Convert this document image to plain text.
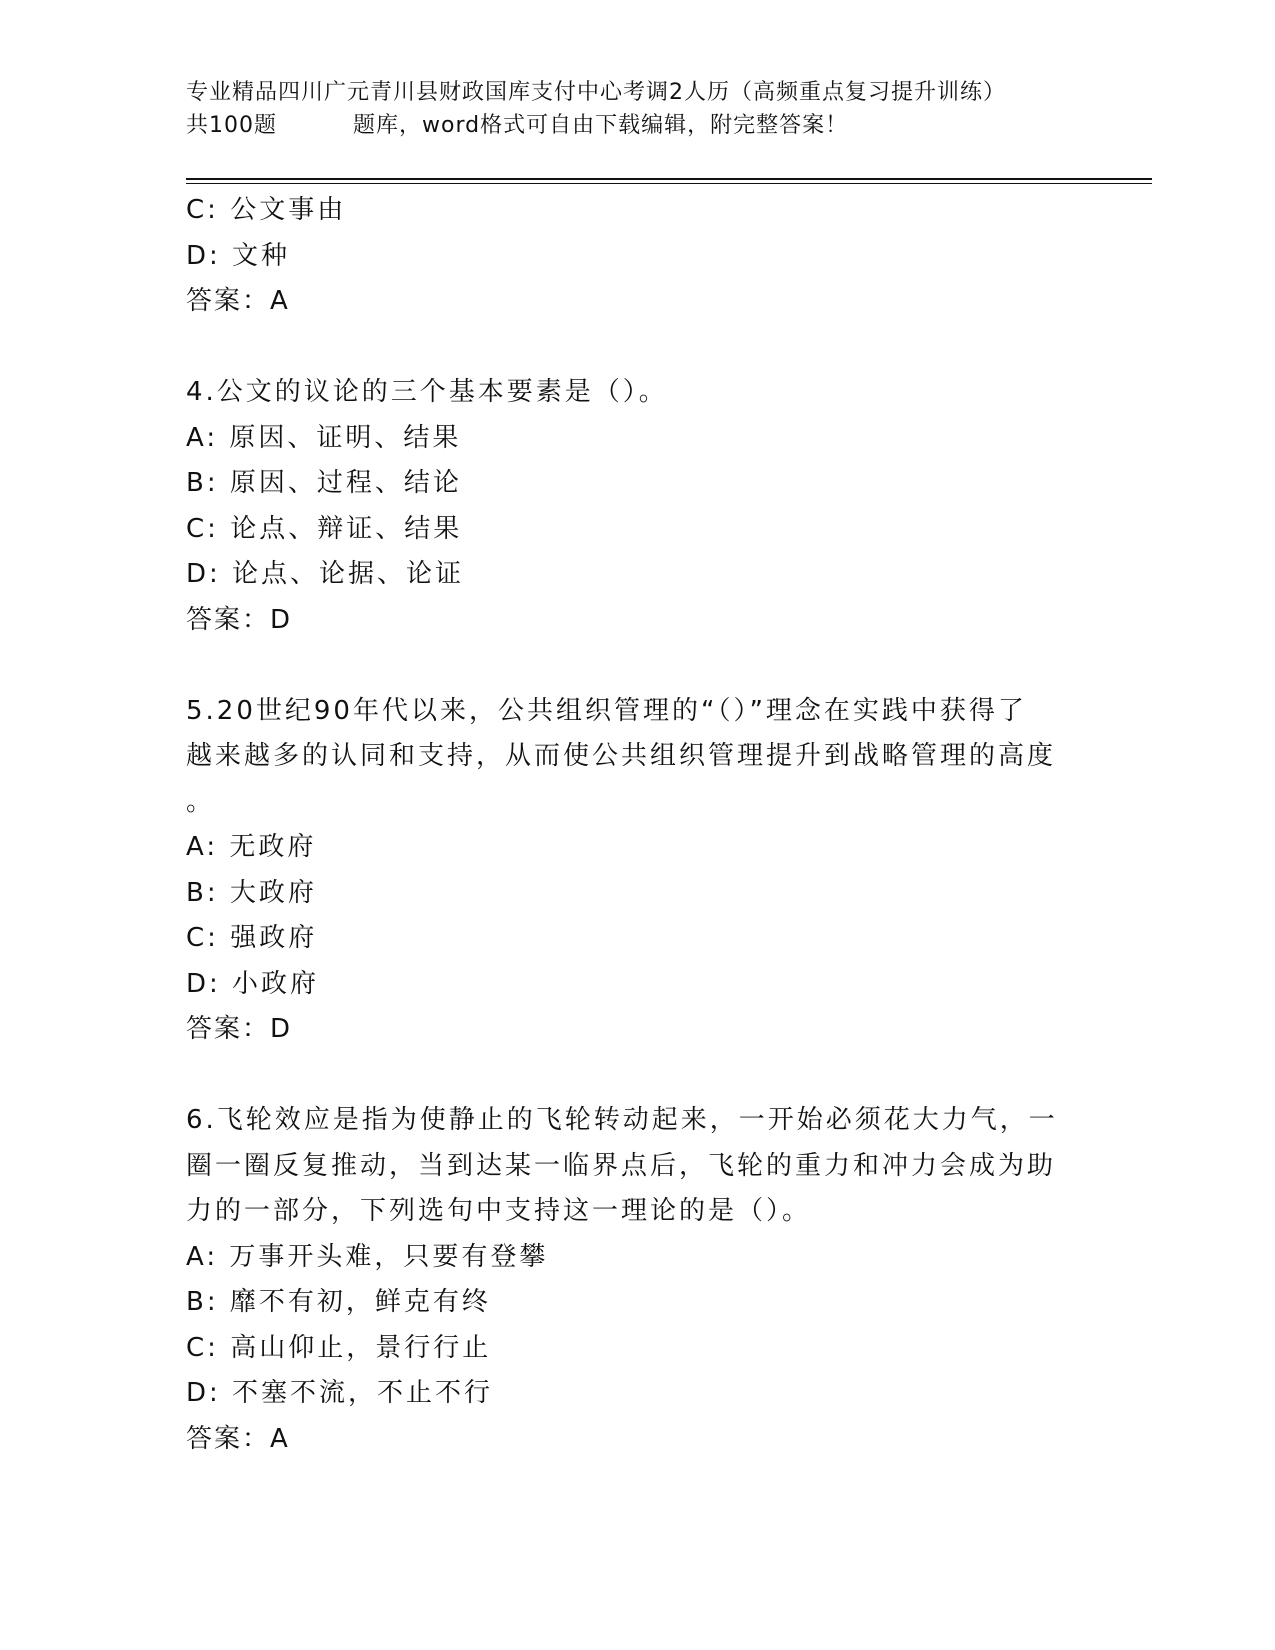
专业精品四川广元青川县财政国库支付中心考调2人历（高频重点复习提升训练）
共100题	题库，word格式可自由下载编辑，附完整答案！
C: 公文事由
D: 文种
答案：A
4.公文的议论的三个基本要素是（）。
A: 原因、证明、结果
B: 原因、过程、结论
C: 论点、辩证、结果
D: 论点、论据、论证
答案：D
5.20世纪90年代以来，公共组织管理的“（）”理念在实践中获得了
越来越多的认同和支持，从而使公共组织管理提升到战略管理的高度
。
A: 无政府
B: 大政府
C: 强政府
D: 小政府
答案：D
6.飞轮效应是指为使静止的飞轮转动起来，一开始必须花大力气，一
圈一圈反复推动，当到达某一临界点后，飞轮的重力和冲力会成为助
力的一部分，下列选句中支持这一理论的是（）。
A: 万事开头难，只要有登攀
B: 靡不有初，鲜克有终
C: 高山仰止，景行行止
D: 不塞不流，不止不行
答案：A
